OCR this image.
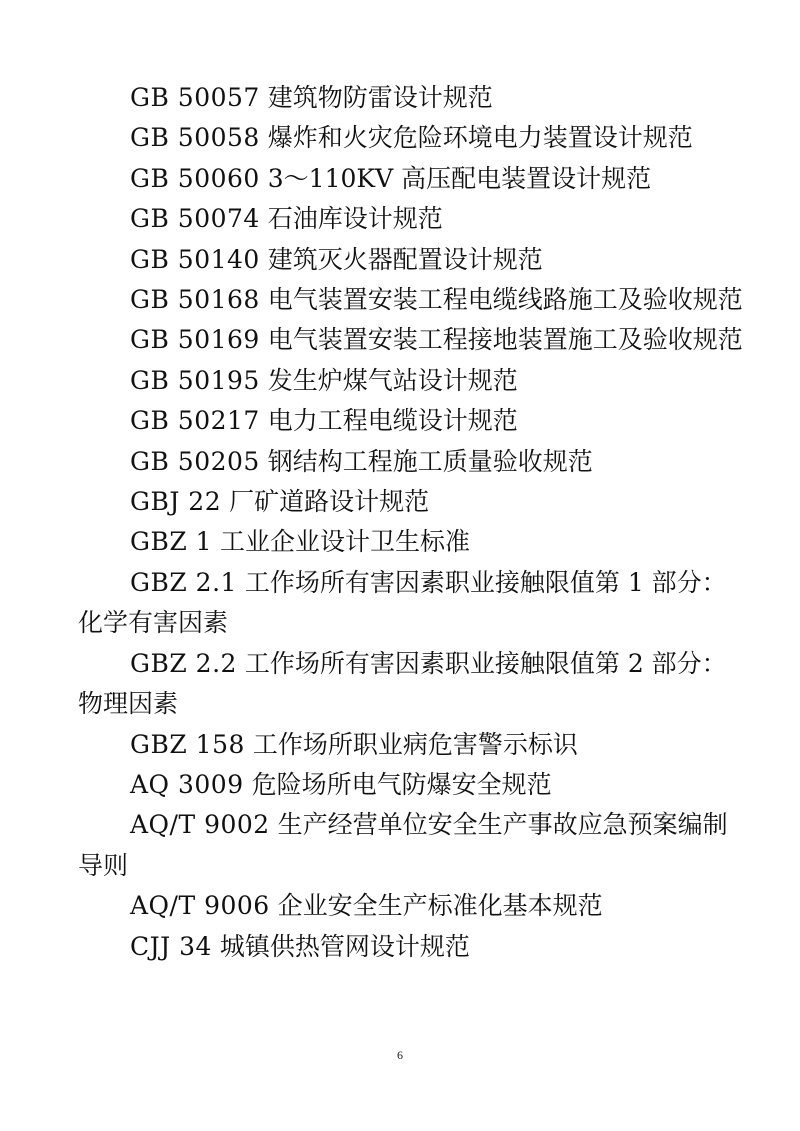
GB 50057 建筑物防雷设计规范
GB 50058 爆炸和火灾危险环境电力装置设计规范
GB 50060 3～110KV 高压配电装置设计规范
GB 50074 石油库设计规范
GB 50140 建筑灭火器配置设计规范
GB 50168 电气装置安装工程电缆线路施工及验收规范
GB 50169 电气装置安装工程接地装置施工及验收规范
GB 50195 发生炉煤气站设计规范
GB 50217 电力工程电缆设计规范
GB 50205 钢结构工程施工质量验收规范
GBJ 22 厂矿道路设计规范
GBZ 1 工业企业设计卫生标准
GBZ 2.1 工作场所有害因素职业接触限值第 1 部分：化学有害因素
GBZ 2.2 工作场所有害因素职业接触限值第 2 部分：物理因素
GBZ 158 工作场所职业病危害警示标识
AQ 3009 危险场所电气防爆安全规范
AQ/T 9002 生产经营单位安全生产事故应急预案编制导则
AQ/T 9006 企业安全生产标准化基本规范
CJJ 34 城镇供热管网设计规范
6
